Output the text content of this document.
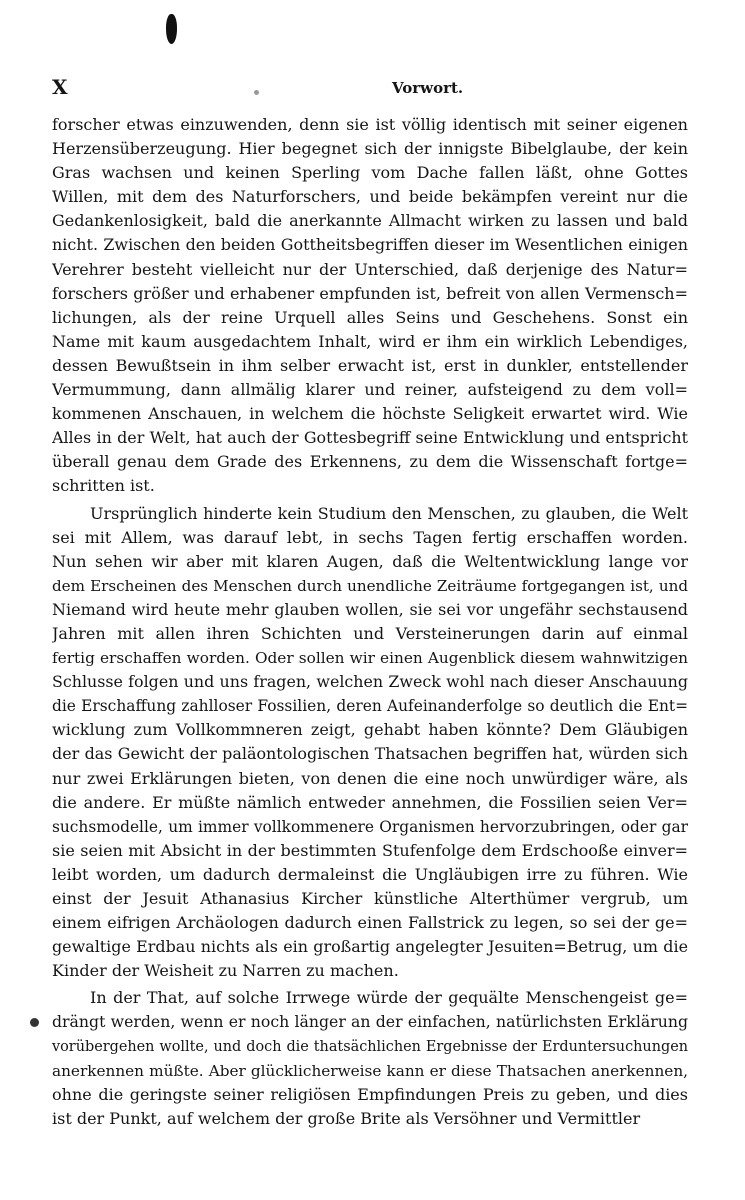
X	Vorwort.
forscher etwas einzuwenden, denn sie ist völlig identisch mit seiner eigenen
Herzensüberzeugung. Hier begegnet sich der innigste Bibelglaube, der kein
Gras wachsen und keinen Sperling vom Dache fallen läßt, ohne Gottes
Willen, mit dem des Naturforschers, und beide bekämpfen vereint nur die
Gedankenlosigkeit, bald die anerkannte Allmacht wirken zu lassen und bald
nicht. Zwischen den beiden Gottheitsbegriffen dieser im Wesentlichen einigen
Verehrer besteht vielleicht nur der Unterschied, daß derjenige des Natur=
forschers größer und erhabener empfunden ist, befreit von allen Vermensch=
lichungen, als der reine Urquell alles Seins und Geschehens. Sonst ein
Name mit kaum ausgedachtem Inhalt, wird er ihm ein wirklich Lebendiges,
dessen Bewußtsein in ihm selber erwacht ist, erst in dunkler, entstellender
Vermummung, dann allmälig klarer und reiner, aufsteigend zu dem voll=
kommenen Anschauen, in welchem die höchste Seligkeit erwartet wird. Wie
Alles in der Welt, hat auch der Gottesbegriff seine Entwicklung und entspricht
überall genau dem Grade des Erkennens, zu dem die Wissenschaft fortge=
schritten ist.
Ursprünglich hinderte kein Studium den Menschen, zu glauben, die Welt
sei mit Allem, was darauf lebt, in sechs Tagen fertig erschaffen worden.
Nun sehen wir aber mit klaren Augen, daß die Weltentwicklung lange vor
dem Erscheinen des Menschen durch unendliche Zeiträume fortgegangen ist, und
Niemand wird heute mehr glauben wollen, sie sei vor ungefähr sechstausend
Jahren mit allen ihren Schichten und Versteinerungen darin auf einmal
fertig erschaffen worden. Oder sollen wir einen Augenblick diesem wahnwitzigen
Schlusse folgen und uns fragen, welchen Zweck wohl nach dieser Anschauung
die Erschaffung zahlloser Fossilien, deren Aufeinanderfolge so deutlich die Ent=
wicklung zum Vollkommneren zeigt, gehabt haben könnte? Dem Gläubigen
der das Gewicht der paläontologischen Thatsachen begriffen hat, würden sich
nur zwei Erklärungen bieten, von denen die eine noch unwürdiger wäre, als
die andere. Er müßte nämlich entweder annehmen, die Fossilien seien Ver=
suchsmodelle, um immer vollkommenere Organismen hervorzubringen, oder gar
sie seien mit Absicht in der bestimmten Stufenfolge dem Erdschooße einver=
leibt worden, um dadurch dermaleinst die Ungläubigen irre zu führen. Wie
einst der Jesuit Athanasius Kircher künstliche Alterthümer vergrub, um
einem eifrigen Archäologen dadurch einen Fallstrick zu legen, so sei der ge=
gewaltige Erdbau nichts als ein großartig angelegter Jesuiten=Betrug, um die
Kinder der Weisheit zu Narren zu machen.
In der That, auf solche Irrwege würde der gequälte Menschengeist ge=
drängt werden, wenn er noch länger an der einfachen, natürlichsten Erklärung
vorübergehen wollte, und doch die thatsächlichen Ergebnisse der Erduntersuchungen
anerkennen müßte. Aber glücklicherweise kann er diese Thatsachen anerkennen,
ohne die geringste seiner religiösen Empfindungen Preis zu geben, und dies
ist der Punkt, auf welchem der große Brite als Versöhner und Vermittler
